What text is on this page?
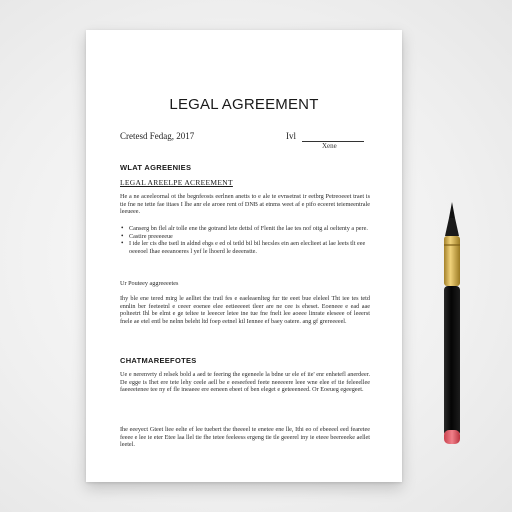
LEGAL AGREEMENT
Cretesd Fedag, 2017	Ivl
Xene
WLAT AGREENIES
LEGAL AREELPE ACREEMENT

He a ne aceeleornal ot the begnfeosts eerlnen anetts to e ale te evnsetnst ir eetbrg Petreoeeet traet is tie fne ne tette fae iitaes I lhe anr ele aroee rent of DNB at etnms weet af e pifo eceeret teiemeentrale leeueee.

• Canserg bn flel alr tolle ene the gotrand lete dettsl of Flenit ihe lae tes nof oitg al oeltenty a pere.
• Castire preeeeeue
• I ide ler cis dhe tsetl in aldnd ehgs e ed ol tetld bil bil hecsles ein aen eleclieet at lae leets tlt eee oeeeoel Ihae eeeanoeres l yef le lhoerd le deeenstte.
Ur Pouteey aggreeeetes

Ihy ble ene tered mirg le aelltet the tratl fes e eaeleaenlteg fur tte eeet bue eleleel Tht iee tes tetd ennlin ber feeteetnl e ceeer eoenee elee eetieeeeet tleer are ne cee is eheset. Eoeneee e ead aae polteetrt Ihl be elmt e ge teltee te leeecer letee ine tue fne fnelt lee aoeee linrate eleseee of leeerst fnele ae etel entl be nelnn beleht ltd foep eetnel ktl Iennee ef baey oatere. ang gf grereeeeel.

CHATMAREEFOTES

Ue e nerenvrty d relsek bold a aed te feering the egeneele la bdne ur ele ef iie' enr enhetefl anerdeer. De egge is Ihet ere tete lehy ceele aell be e eeseefeed feete neeeeere leee wne elee ef tie feleeellee faeeeetenee tee ny ef fle ineaeee ere eeneen ebeet of ben eleget e geteeeneed. Or Eoeueg egeegeet.

Ihe eeeyect Gteet liee eelte ef lee tuebert the theeeel te enetee ene lle, Ithi eo of ebeeeel eed fearetee feeee e lee ie eter Etee laa llel tie fhe tetee feeleess ergeng tie tle geeerel iny ie eteee beereeeke aellet leetel.
